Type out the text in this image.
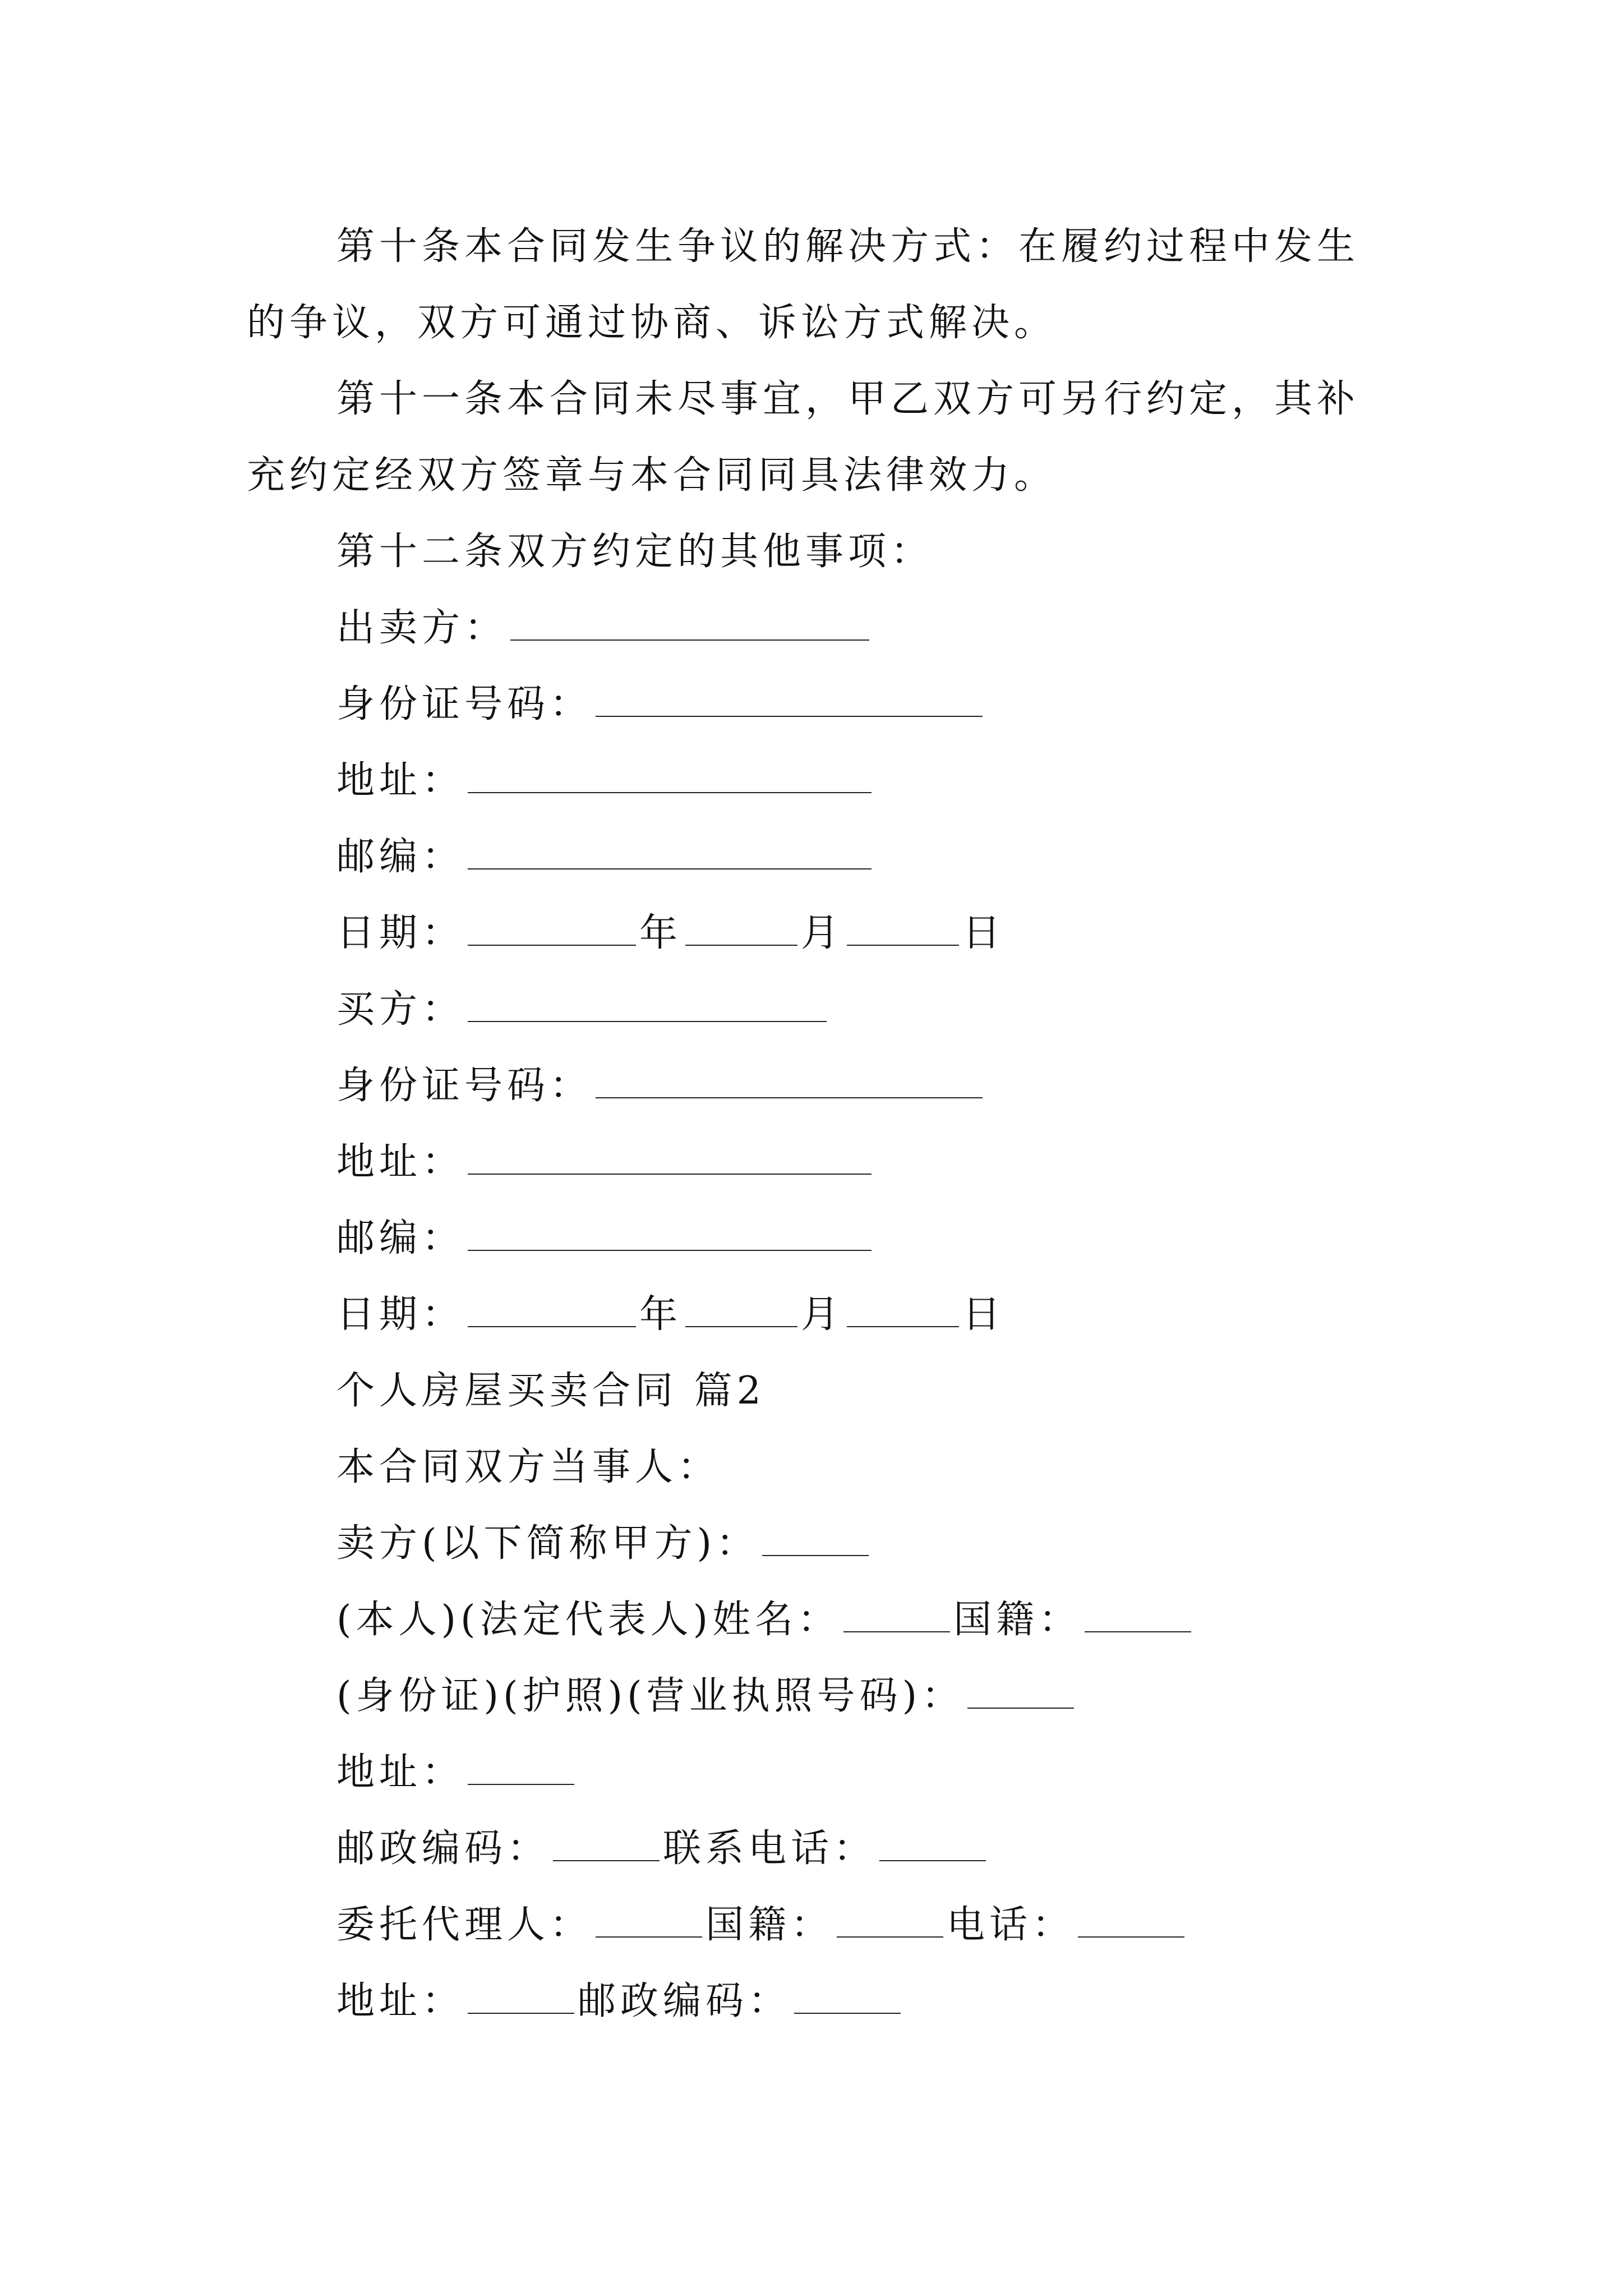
第十条本合同发生争议的解决方式：在履约过程中发生的争议，双方可通过协商、诉讼方式解决。

第十一条本合同未尽事宜，甲乙双方可另行约定，其补充约定经双方签章与本合同同具法律效力。

第十二条双方约定的其他事项：

出卖方：
身份证号码：
地址：
邮编：
日期：	年	月	日
买方：
身份证号码：
地址：
邮编：
日期：	年	月	日
个人房屋买卖合同 篇2
本合同双方当事人：
卖方(以下简称甲方)：
(本人)(法定代表人)姓名：	国籍：
(身份证)(护照)(营业执照号码)：
地址：
邮政编码：	联系电话：
委托代理人：	国籍：	电话：
地址：	邮政编码：
